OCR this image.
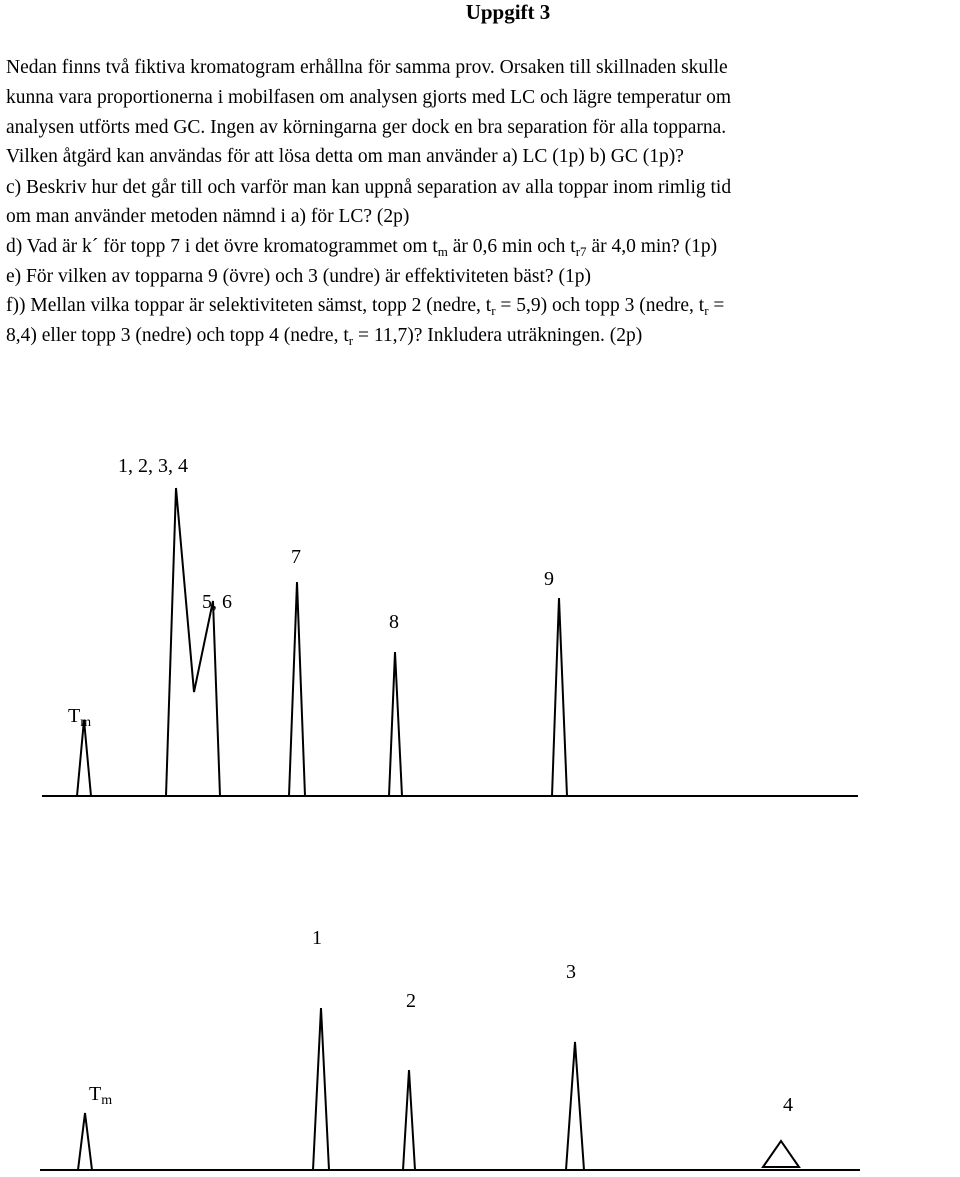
Uppgift 3
Nedan finns två fiktiva kromatogram erhållna för samma prov. Orsaken till skillnaden skulle
kunna vara proportionerna i mobilfasen om analysen gjorts med LC och lägre temperatur om
analysen utförts med GC. Ingen av körningarna ger dock en bra separation för alla topparna.
Vilken åtgärd kan användas för att lösa detta om man använder a) LC (1p) b) GC (1p)?
c) Beskriv hur det går till och varför man kan uppnå separation av alla toppar inom rimlig tid
om man använder metoden nämnd i a) för LC? (2p)
d) Vad är k´ för topp 7 i det övre kromatogrammet om $t_m$ är 0,6 min och $t_{r7}$ är 4,0 min? (1p)
e) För vilken av topparna 9 (övre) och 3 (undre) är effektiviteten bäst? (1p)
f)) Mellan vilka toppar är selektiviteten sämst, topp 2 (nedre, $t_r = 5,9$) och topp 3 (nedre, $t_r$ =
8,4) eller topp 3 (nedre) och topp 4 (nedre, $t_r = 11,7$)? Inkludera uträkningen. (2p)
1, 2, 3, 4
5, 6
7
8
9
$T_m$
1
2
3
4
$T_m$
